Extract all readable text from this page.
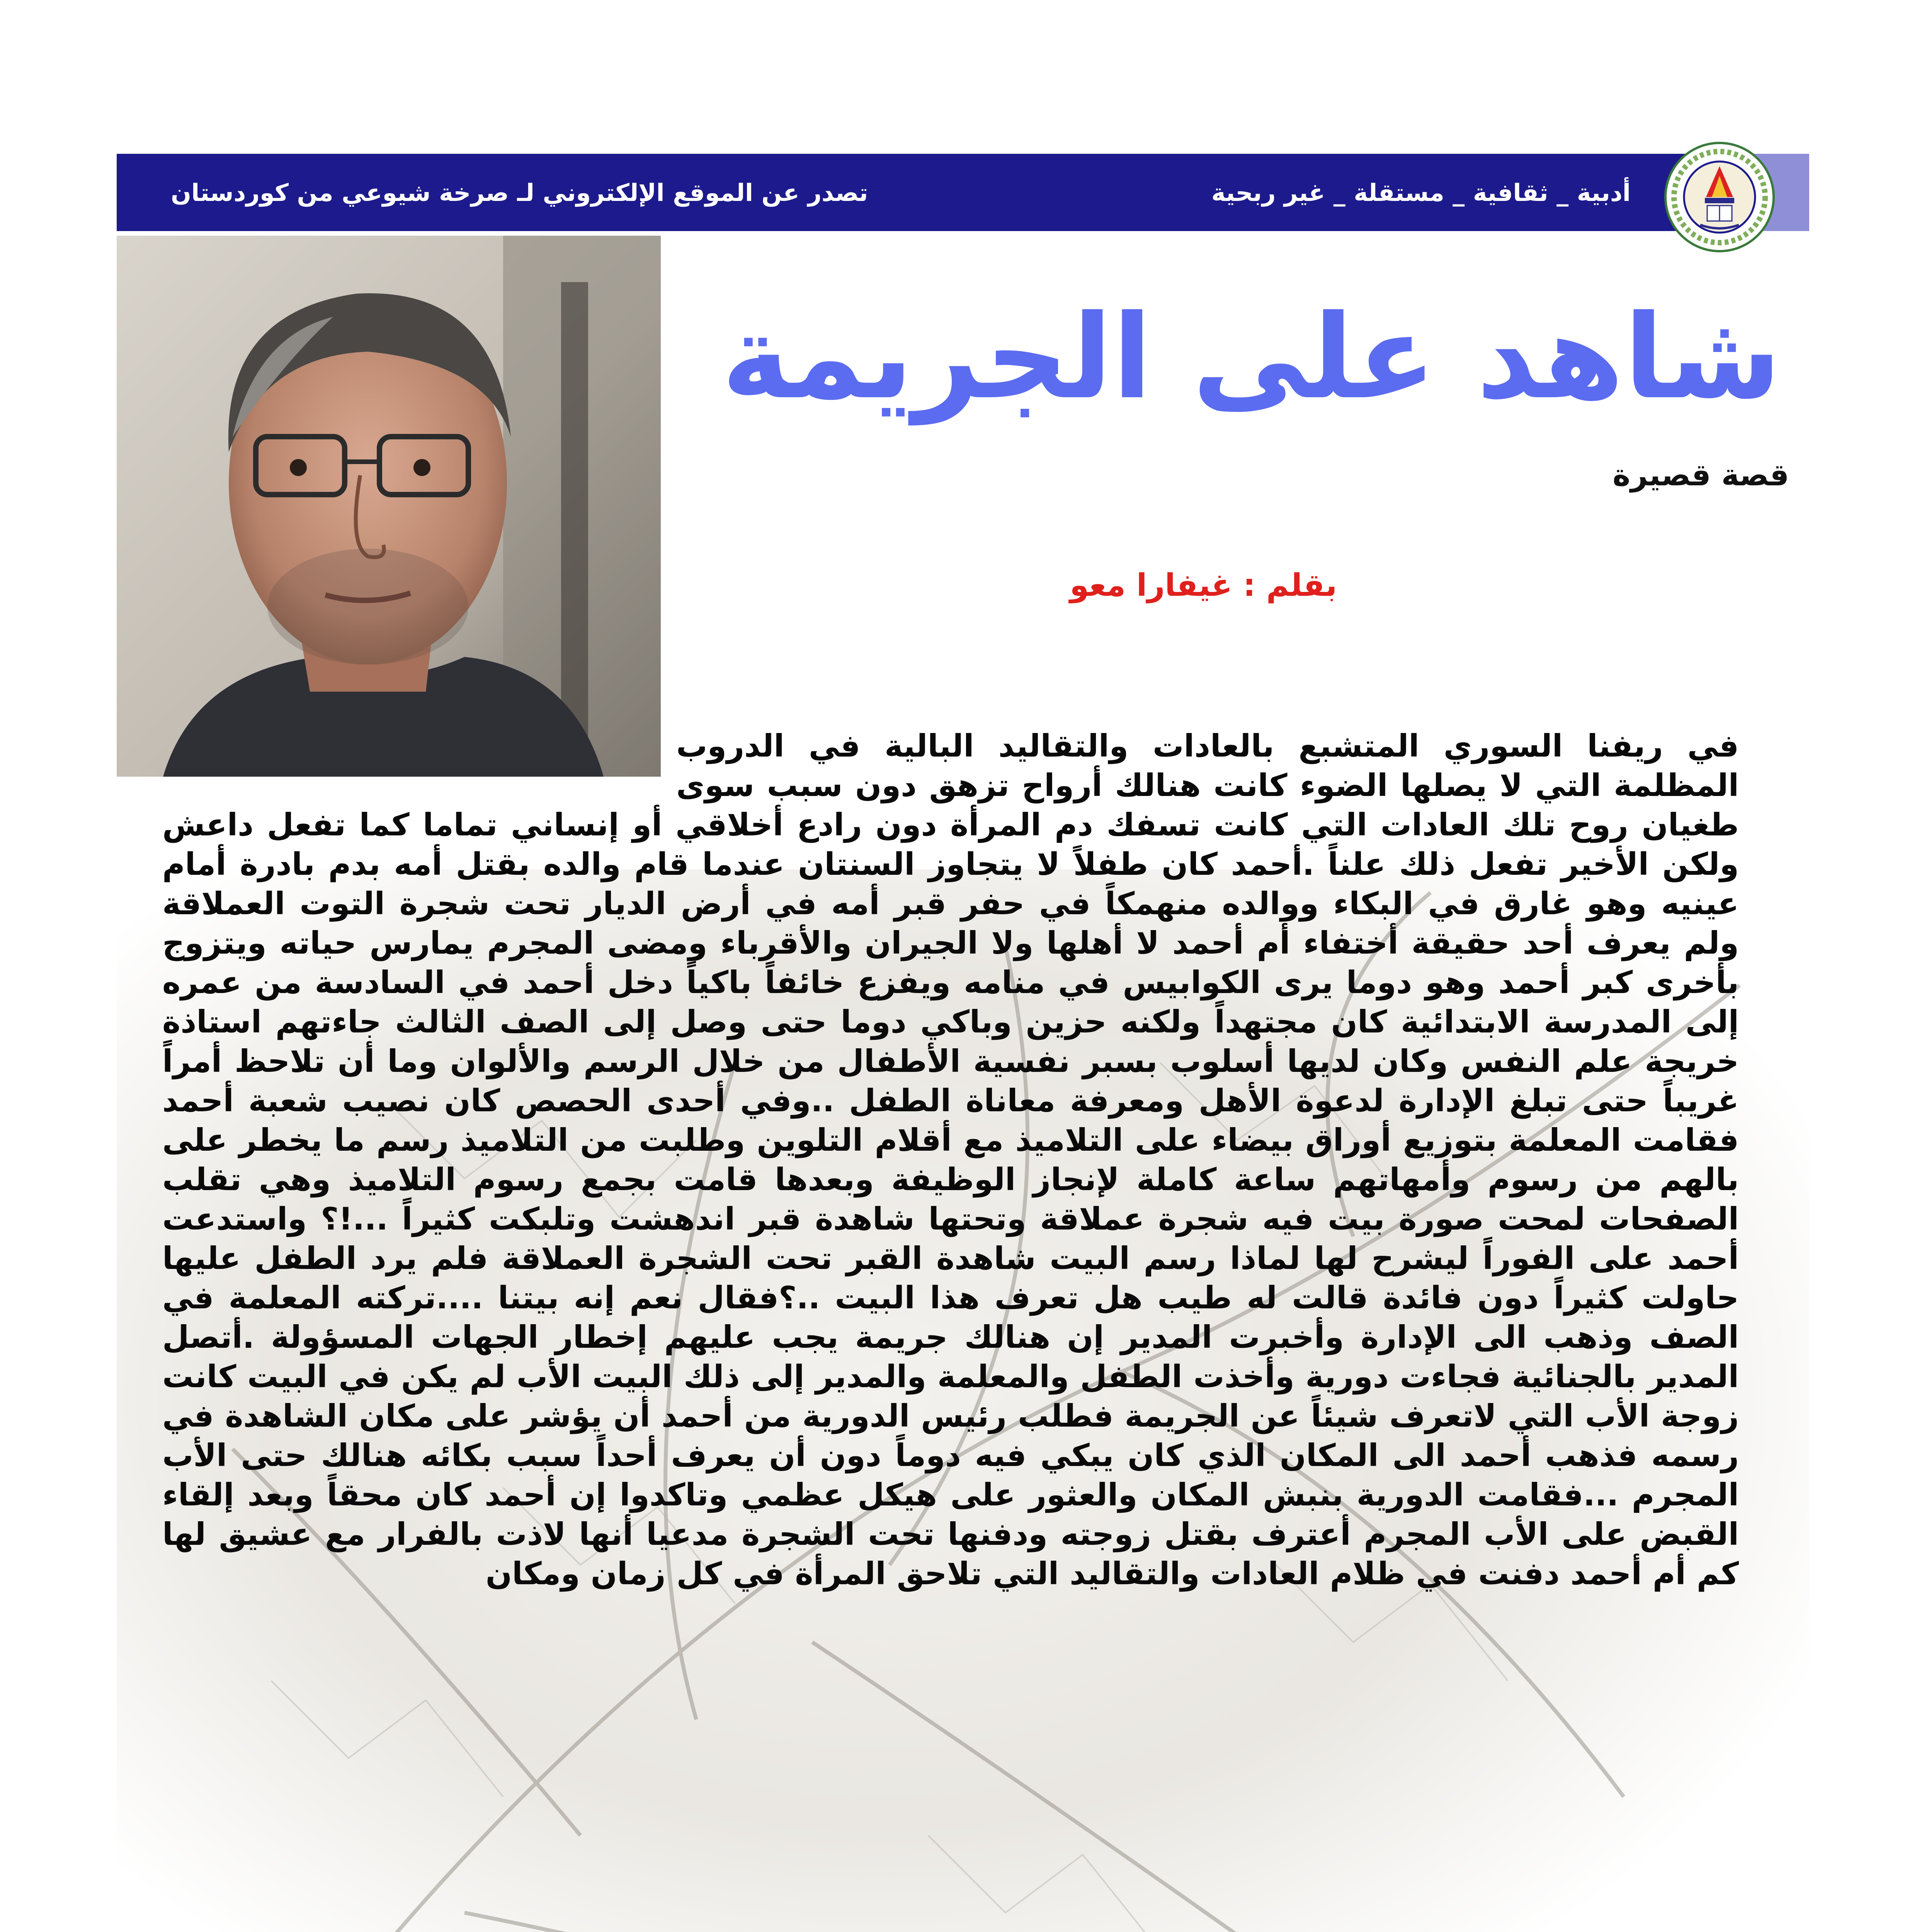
أدبية _ ثقافية _ مستقلة _ غير ربحية
تصدر عن الموقع الإلكتروني لـ صرخة شيوعي من كوردستان
شاهد على الجريمة
قصة قصيرة
بقلم : غيفارا معو
في ريفنا السوري المتشبع بالعادات والتقاليد البالية في الدروب المظلمة التي لا يصلها الضوء كانت هنالك أرواح تزهق دون سبب سوى طغيان روح تلك العادات التي كانت تسفك دم المرأة دون رادع أخلاقي أو إنساني تماما كما تفعل داعش ولكن الأخير تفعل ذلك علناً .أحمد كان طفلاً لا يتجاوز السنتان عندما قام والده بقتل أمه بدم بادرة أمام عينيه وهو غارق في البكاء ووالده منهمكاً في حفر قبر أمه في أرض الديار تحت شجرة التوت العملاقة ولم يعرف أحد حقيقة أختفاء أم أحمد لا أهلها ولا الجيران والأقرباء ومضى المجرم يمارس حياته ويتزوج بأخرى كبر أحمد وهو دوما يرى الكوابيس في منامه ويفزع خائفاً باكياً دخل أحمد في السادسة من عمره إلى المدرسة الابتدائية كان مجتهداً ولكنه حزين وباكي دوما حتى وصل إلى الصف الثالث جاءتهم استاذة خريجة علم النفس وكان لديها أسلوب بسبر نفسية الأطفال من خلال الرسم والألوان وما أن تلاحظ أمراً غريباً حتى تبلغ الإدارة لدعوة الأهل ومعرفة معاناة الطفل ..وفي أحدى الحصص كان نصيب شعبة أحمد فقامت المعلمة بتوزيع أوراق بيضاء على التلاميذ مع أقلام التلوين وطلبت من التلاميذ رسم ما يخطر على بالهم من رسوم وأمهاتهم ساعة كاملة لإنجاز الوظيفة وبعدها قامت بجمع رسوم التلاميذ وهي تقلب الصفحات لمحت صورة بيت فيه شجرة عملاقة وتحتها شاهدة قبر اندهشت وتلبكت كثيراً ...!؟ واستدعت أحمد على الفوراً ليشرح لها لماذا رسم البيت شاهدة القبر تحت الشجرة العملاقة فلم يرد الطفل عليها حاولت كثيراً دون فائدة قالت له طيب هل تعرف هذا البيت ..؟فقال نعم إنه بيتنا ....تركته المعلمة في الصف وذهب الى الإدارة وأخبرت المدير إن هنالك جريمة يجب عليهم إخطار الجهات المسؤولة .أتصل المدير بالجنائية فجاءت دورية وأخذت الطفل والمعلمة والمدير إلى ذلك البيت الأب لم يكن في البيت كانت زوجة الأب التي لاتعرف شيئاً عن الجريمة فطلب رئيس الدورية من أحمد أن يؤشر على مكان الشاهدة في رسمه فذهب أحمد الى المكان الذي كان يبكي فيه دوماً دون أن يعرف أحداً سبب بكائه هنالك حتى الأب المجرم ...فقامت الدورية بنبش المكان والعثور على هيكل عظمي وتاكدوا إن أحمد كان محقاً وبعد إلقاء القبض على الأب المجرم أعترف بقتل زوجته ودفنها تحت الشجرة مدعيا أنها لاذت بالفرار مع عشيق لها كم أم أحمد دفنت في ظلام العادات والتقاليد التي تلاحق المرأة في كل زمان ومكان
